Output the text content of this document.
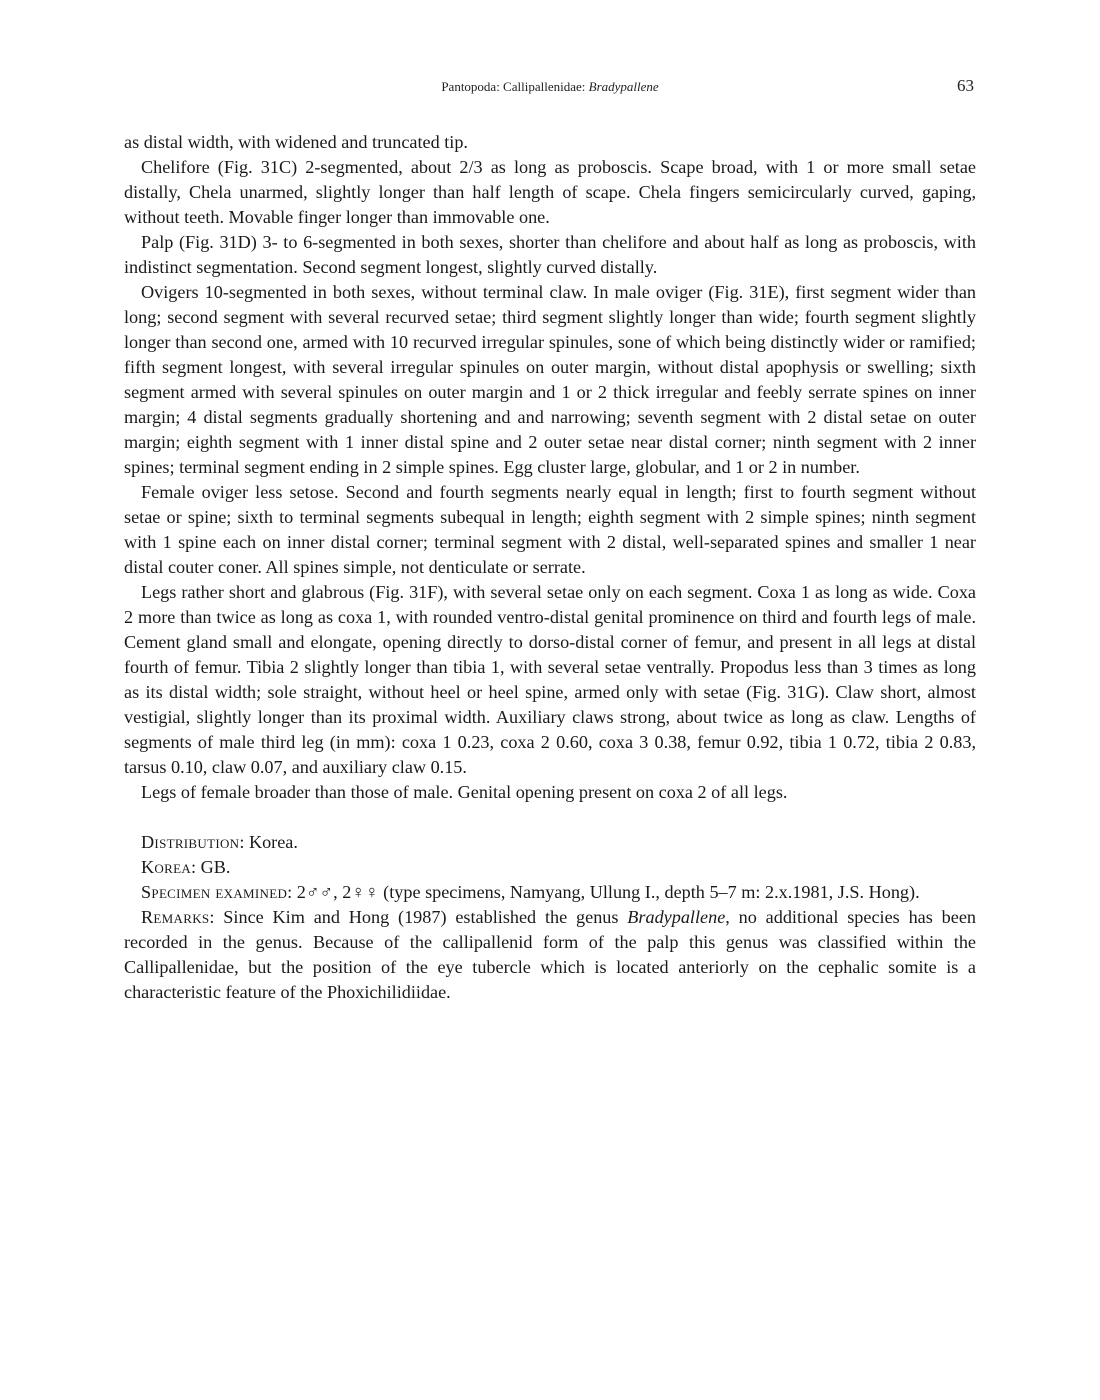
Pantopoda: Callipallenidae: Bradypallene	63

as distal width, with widened and truncated tip.

Chelifore (Fig. 31C) 2-segmented, about 2/3 as long as proboscis. Scape broad, with 1 or more small setae distally, Chela unarmed, slightly longer than half length of scape. Chela fingers semicircularly curved, gaping, without teeth. Movable finger longer than immovable one.

Palp (Fig. 31D) 3- to 6-segmented in both sexes, shorter than chelifore and about half as long as proboscis, with indistinct segmentation. Second segment longest, slightly curved distally.

Ovigers 10-segmented in both sexes, without terminal claw. In male oviger (Fig. 31E), first segment wider than long; second segment with several recurved setae; third segment slightly longer than wide; fourth segment slightly longer than second one, armed with 10 recurved irregular spinules, sone of which being distinctly wider or ramified; fifth segment longest, with several irregular spinules on outer margin, without distal apophysis or swelling; sixth segment armed with several spinules on outer margin and 1 or 2 thick irregular and feebly serrate spines on inner margin; 4 distal segments gradually shortening and and narrowing; seventh segment with 2 distal setae on outer margin; eighth segment with 1 inner distal spine and 2 outer setae near distal corner; ninth segment with 2 inner spines; terminal segment ending in 2 simple spines. Egg cluster large, globular, and 1 or 2 in number.

Female oviger less setose. Second and fourth segments nearly equal in length; first to fourth segment without setae or spine; sixth to terminal segments subequal in length; eighth segment with 2 simple spines; ninth segment with 1 spine each on inner distal corner; terminal segment with 2 distal, well-separated spines and smaller 1 near distal couter coner. All spines simple, not denticulate or serrate.

Legs rather short and glabrous (Fig. 31F), with several setae only on each segment. Coxa 1 as long as wide. Coxa 2 more than twice as long as coxa 1, with rounded ventro-distal genital prominence on third and fourth legs of male. Cement gland small and elongate, opening directly to dorso-distal corner of femur, and present in all legs at distal fourth of femur. Tibia 2 slightly longer than tibia 1, with several setae ventrally. Propodus less than 3 times as long as its distal width; sole straight, without heel or heel spine, armed only with setae (Fig. 31G). Claw short, almost vestigial, slightly longer than its proximal width. Auxiliary claws strong, about twice as long as claw. Lengths of segments of male third leg (in mm): coxa 1 0.23, coxa 2 0.60, coxa 3 0.38, femur 0.92, tibia 1 0.72, tibia 2 0.83, tarsus 0.10, claw 0.07, and auxiliary claw 0.15.

Legs of female broader than those of male. Genital opening present on coxa 2 of all legs.

Distribution: Korea.

Korea: GB.

Specimen examined: 2♂♂, 2♀♀ (type specimens, Namyang, Ullung I., depth 5–7 m: 2.x.1981, J.S. Hong).

Remarks: Since Kim and Hong (1987) established the genus Bradypallene, no additional species has been recorded in the genus. Because of the callipallenid form of the palp this genus was classified within the Callipallenidae, but the position of the eye tubercle which is located anteriorly on the cephalic somite is a characteristic feature of the Phoxichilidiidae.
